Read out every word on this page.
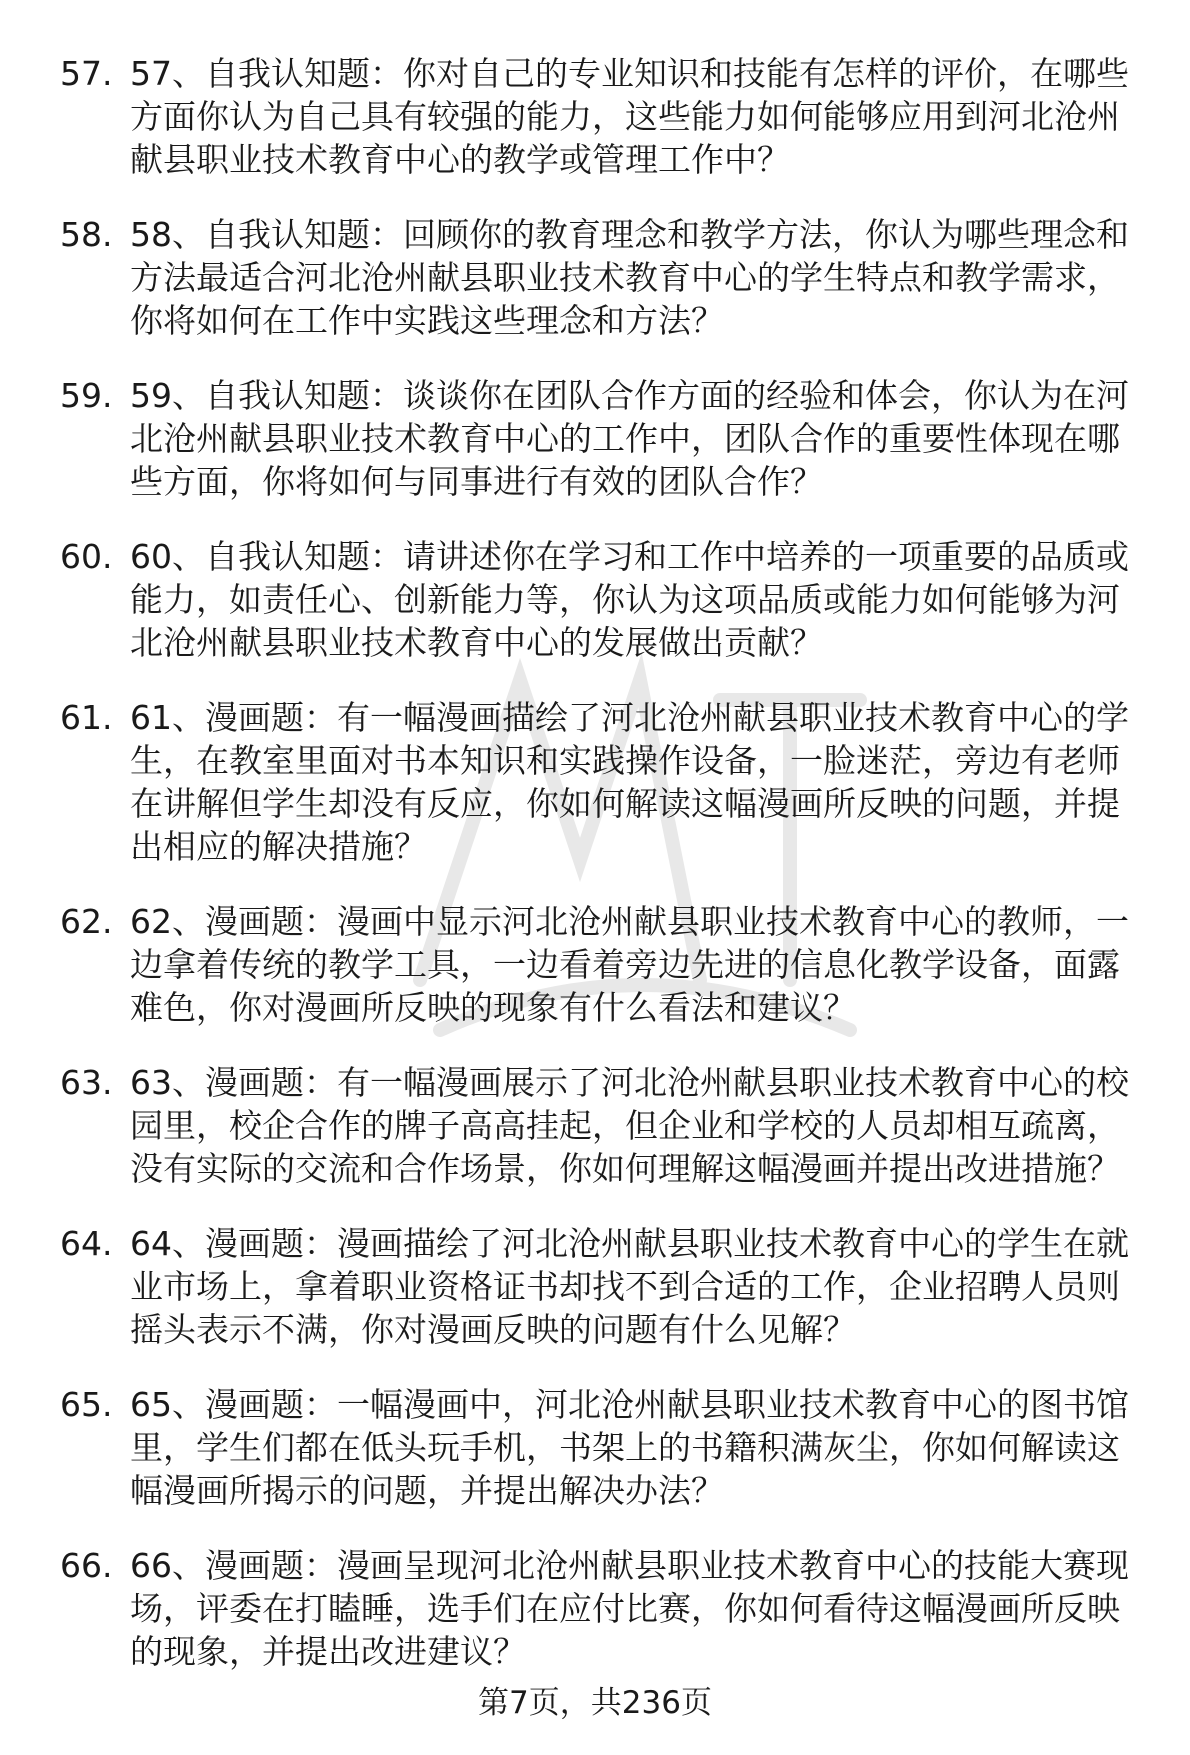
57. 57、自我认知题：你对自己的专业知识和技能有怎样的评价，在哪些方面你认为自己具有较强的能力，这些能力如何能够应用到河北沧州献县职业技术教育中心的教学或管理工作中？
58. 58、自我认知题：回顾你的教育理念和教学方法，你认为哪些理念和方法最适合河北沧州献县职业技术教育中心的学生特点和教学需求，你将如何在工作中实践这些理念和方法？
59. 59、自我认知题：谈谈你在团队合作方面的经验和体会，你认为在河北沧州献县职业技术教育中心的工作中，团队合作的重要性体现在哪些方面，你将如何与同事进行有效的团队合作？
60. 60、自我认知题：请讲述你在学习和工作中培养的一项重要的品质或能力，如责任心、创新能力等，你认为这项品质或能力如何能够为河北沧州献县职业技术教育中心的发展做出贡献？
61. 61、漫画题：有一幅漫画描绘了河北沧州献县职业技术教育中心的学生，在教室里面对书本知识和实践操作设备，一脸迷茫，旁边有老师在讲解但学生却没有反应，你如何解读这幅漫画所反映的问题，并提出相应的解决措施？
62. 62、漫画题：漫画中显示河北沧州献县职业技术教育中心的教师，一边拿着传统的教学工具，一边看着旁边先进的信息化教学设备，面露难色，你对漫画所反映的现象有什么看法和建议？
63. 63、漫画题：有一幅漫画展示了河北沧州献县职业技术教育中心的校园里，校企合作的牌子高高挂起，但企业和学校的人员却相互疏离，没有实际的交流和合作场景，你如何理解这幅漫画并提出改进措施？
64. 64、漫画题：漫画描绘了河北沧州献县职业技术教育中心的学生在就业市场上，拿着职业资格证书却找不到合适的工作，企业招聘人员则摇头表示不满，你对漫画反映的问题有什么见解？
65. 65、漫画题：一幅漫画中，河北沧州献县职业技术教育中心的图书馆里，学生们都在低头玩手机，书架上的书籍积满灰尘，你如何解读这幅漫画所揭示的问题，并提出解决办法？
66. 66、漫画题：漫画呈现河北沧州献县职业技术教育中心的技能大赛现场，评委在打瞌睡，选手们在应付比赛，你如何看待这幅漫画所反映的现象，并提出改进建议？
第7页，共236页
